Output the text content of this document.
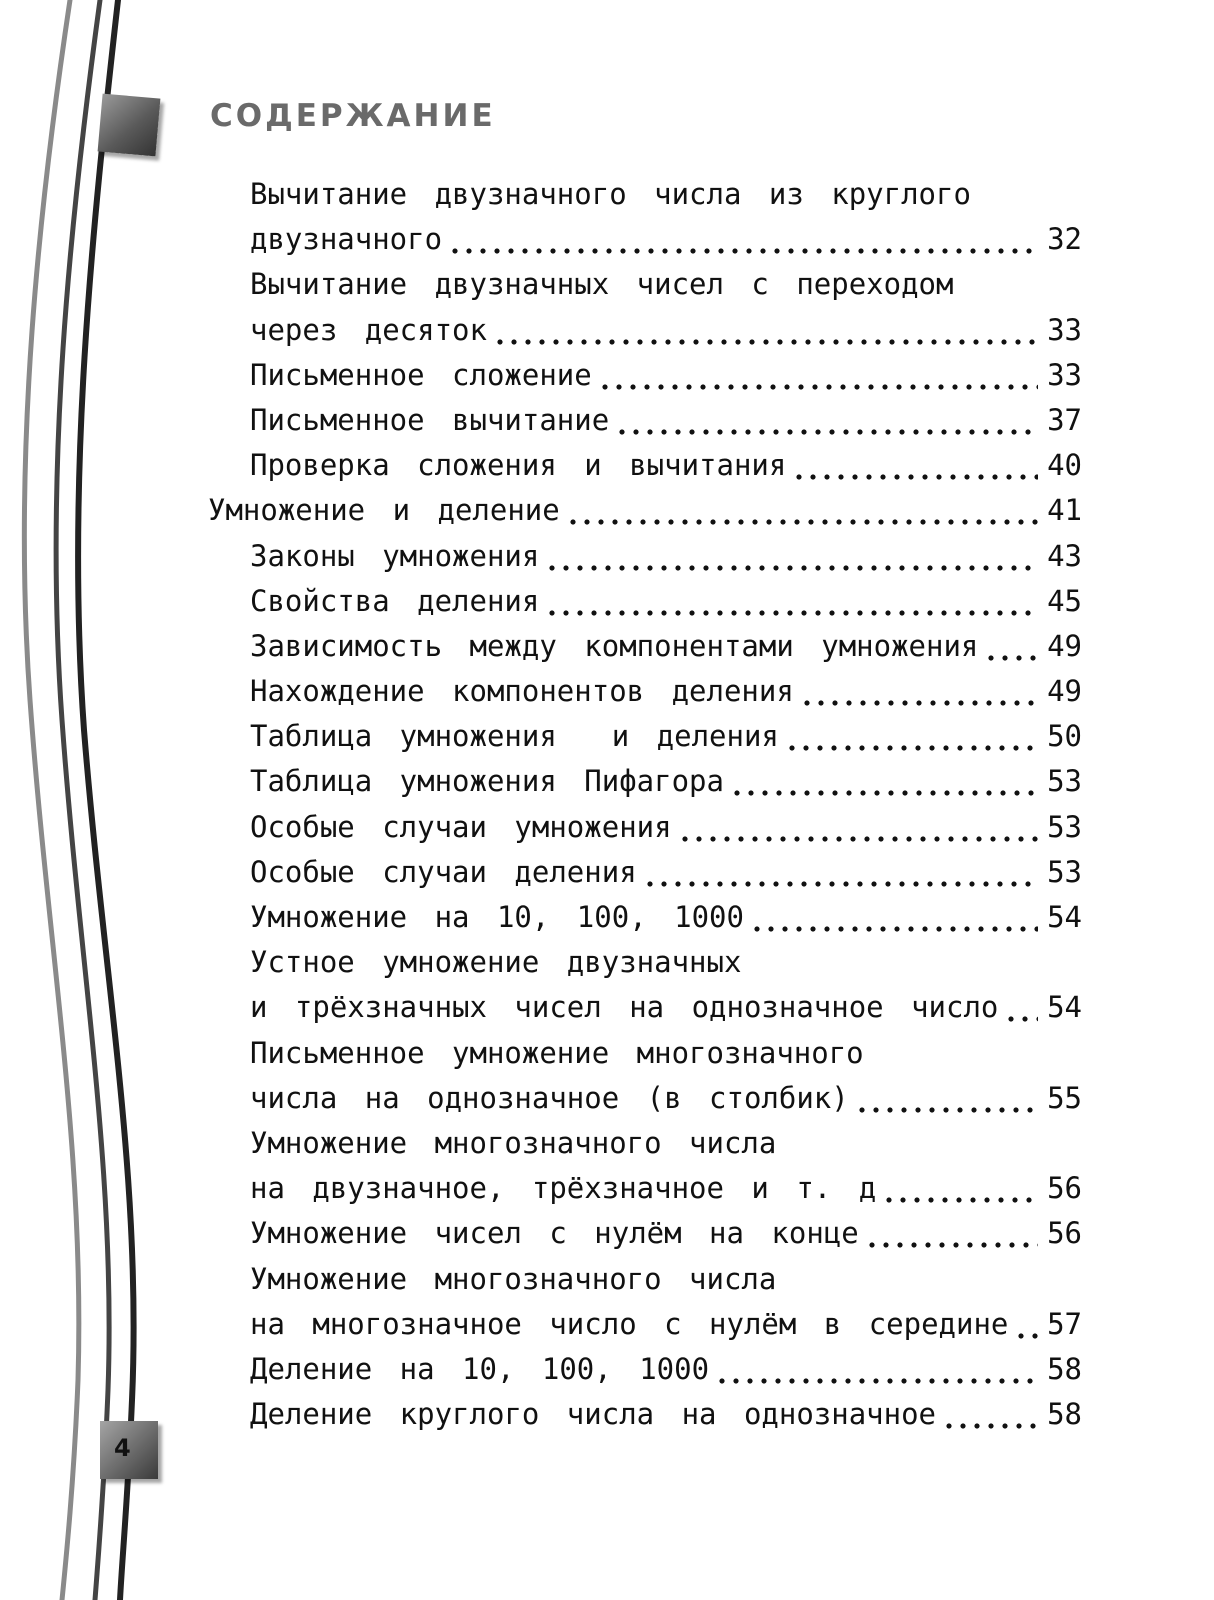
СОДЕРЖАНИЕ
Вычитание двузначного числа из круглого
двузначного	32
Вычитание двузначных чисел с переходом
через десяток	33
Письменное сложение	33
Письменное вычитание	37
Проверка сложения и вычитания	40
Умножение и деление	41
Законы умножения	43
Свойства деления	45
Зависимость между компонентами умножения 49
Нахождение компонентов деления	49
Таблица умножения  и деления	50
Таблица умножения Пифагора	53
Особые случаи умножения	53
Особые случаи деления	53
Умножение на 10, 100, 1000	54
Устное умножение двузначных
и трёхзначных чисел на однозначное число 54
Письменное умножение многозначного
числа на однозначное (в столбик)	55
Умножение многозначного числа
на двузначное, трёхзначное и т. д	56
Умножение чисел с нулём на конце	56
Умножение многозначного числа
на многозначное число с нулём в середине 57
Деление на 10, 100, 1000	58
Деление круглого числа на однозначное	58
4
